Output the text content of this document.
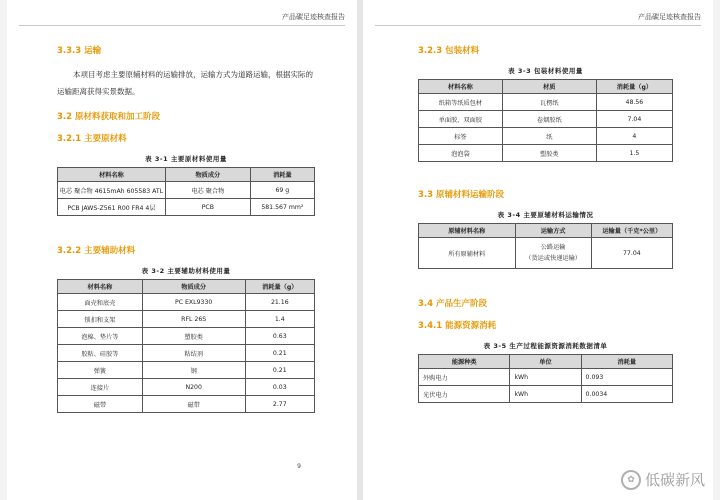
产品碳足迹核查报告
3.3.3 运输

本项目考虑主要原辅材料的运输排放，运输方式为道路运输，根据实际的运输距离获得实景数据。

3.2 原材料获取和加工阶段
3.2.1 主要原材料
表 3-1 主要原材料使用量
材料名称	物质成分	消耗量
电芯 聚合物 4615mAh 605583 ATL	电芯 聚合物	69 g
PCB JAWS-Z561 R00 FR4 4层	PCB	581.567 mm²
3.2.2 主要辅助材料
表 3-2 主要辅助材料使用量
材料名称	物质成分	消耗量（g）
面壳和底壳	PC EXL9330	21.16
锁扣和支架	RFL 26S	1.4
泡棉、垫片等	塑胶类	0.63
胶粘、硅胶等	粘结剂	0.21
弹簧	钢	0.21
连接片	N200	0.03
磁带	磁带	2.77
9
产品碳足迹核查报告
3.2.3 包装材料
表 3-3 包装材料使用量
材料名称	材质	消耗量（g）
纸箱等纸质包材	瓦楞纸	48.56
单面胶、双面胶	卷烟胶纸	7.04
标签	纸	4
泡泡袋	塑胶类	1.5
3.3 原辅材料运输阶段
表 3-4 主要原辅材料运输情况
原辅材料名称	运输方式	运输量（千克*公里）
所有原辅材料	公路运输
（货运或快递运输）	77.04
3.4 产品生产阶段
3.4.1 能源资源消耗
表 3-5 生产过程能源资源消耗数据清单
能源种类	单位	消耗量
外购电力	kWh	0.093
光伏电力	kWh	0.0034
✿ 低碳新风
